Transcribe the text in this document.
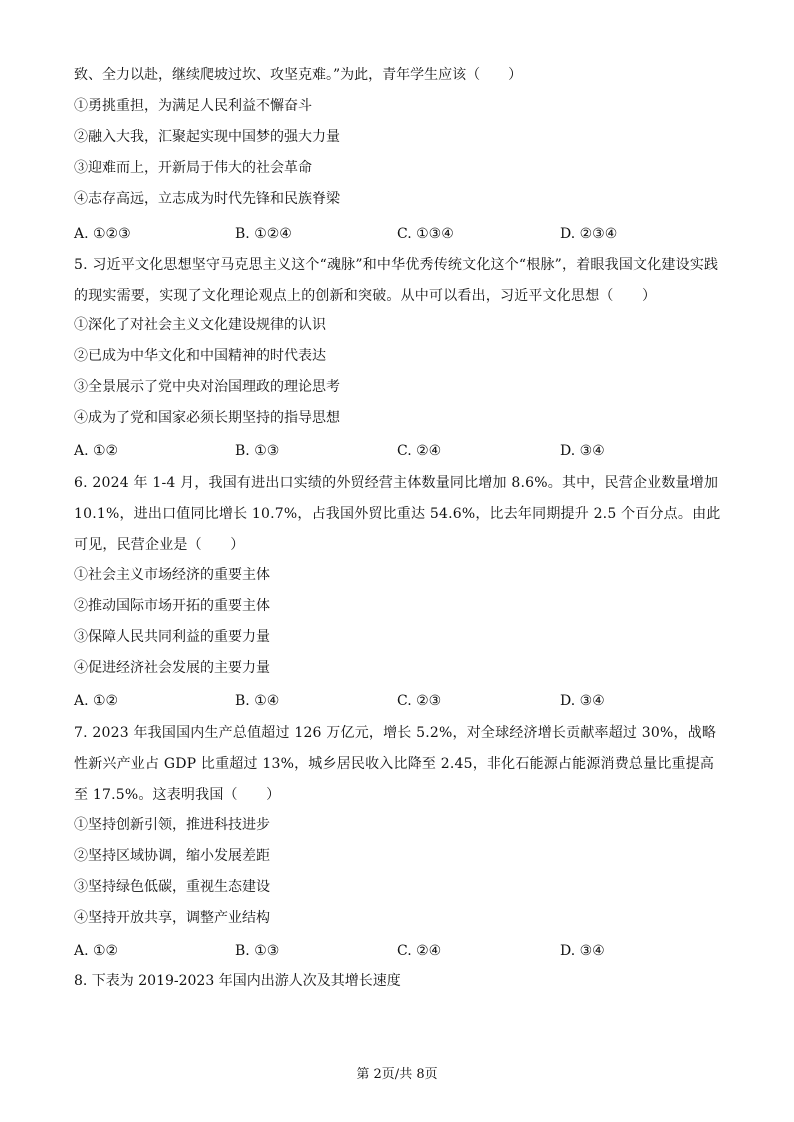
致、全力以赴，继续爬坡过坎、攻坚克难。”为此，青年学生应该（　　）
①勇挑重担，为满足人民利益不懈奋斗
②融入大我，汇聚起实现中国梦的强大力量
③迎难而上，开新局于伟大的社会革命
④志存高远，立志成为时代先锋和民族脊梁
A. ①②③	B. ①②④	C. ①③④	D. ②③④
5. 习近平文化思想坚守马克思主义这个“魂脉”和中华优秀传统文化这个“根脉”，着眼我国文化建设实践的现实需要，实现了文化理论观点上的创新和突破。从中可以看出，习近平文化思想（　　）
①深化了对社会主义文化建设规律的认识
②已成为中华文化和中国精神的时代表达
③全景展示了党中央对治国理政的理论思考
④成为了党和国家必须长期坚持的指导思想
A. ①②	B. ①③	C. ②④	D. ③④
6. 2024 年 1-4 月，我国有进出口实绩的外贸经营主体数量同比增加 8.6%。其中，民营企业数量增加 10.1%，进出口值同比增长 10.7%，占我国外贸比重达 54.6%，比去年同期提升 2.5 个百分点。由此可见，民营企业是（　　）
①社会主义市场经济的重要主体
②推动国际市场开拓的重要主体
③保障人民共同利益的重要力量
④促进经济社会发展的主要力量
A. ①②	B. ①④	C. ②③	D. ③④
7. 2023 年我国国内生产总值超过 126 万亿元，增长 5.2%，对全球经济增长贡献率超过 30%，战略性新兴产业占 GDP 比重超过 13%，城乡居民收入比降至 2.45，非化石能源占能源消费总量比重提高至 17.5%。这表明我国（　　）
①坚持创新引领，推进科技进步
②坚持区域协调，缩小发展差距
③坚持绿色低碳，重视生态建设
④坚持开放共享，调整产业结构
A. ①②	B. ①③	C. ②④	D. ③④
8. 下表为 2019-2023 年国内出游人次及其增长速度
第 2页/共 8页
